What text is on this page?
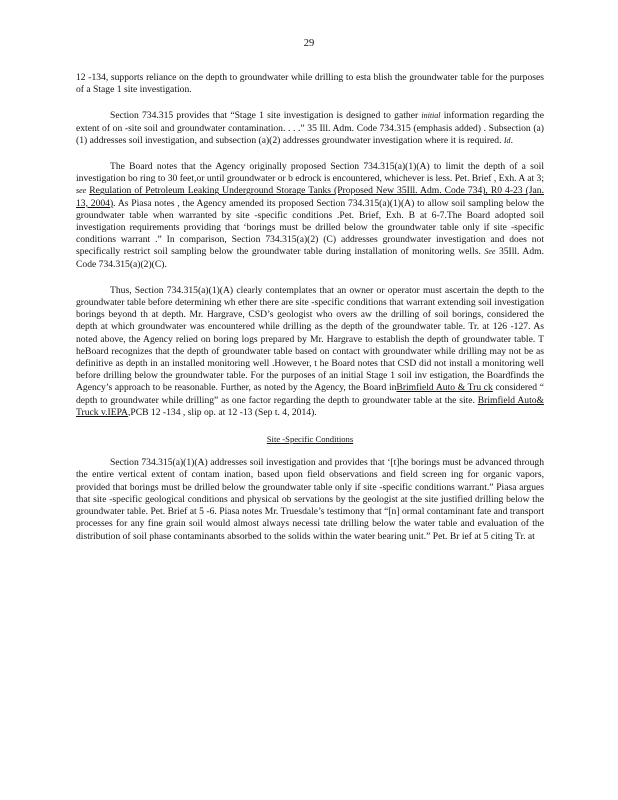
29

12 -134, supports reliance on the depth to groundwater while drilling to esta blish the groundwater table for the purposes of a Stage 1 site investigation.

Section 734.315 provides that “Stage 1 site investigation is designed to gather initial information regarding the extent of on -site soil and groundwater contamination. . . .” 35 Ill. Adm. Code 734.315 (emphasis added) . Subsection (a)(1) addresses soil investigation, and subsection (a)(2) addresses groundwater investigation where it is required. Id.

The Board notes that the Agency originally proposed Section 734.315(a)(1)(A) to limit the depth of a soil investigation bo ring to 30 feet,or until groundwater or b edrock is encountered, whichever is less. Pet. Brief , Exh. A at 3; see Regulation of Petroleum Leaking Underground Storage Tanks (Proposed New 35Ill. Adm. Code 734), R0 4-23 (Jan. 13, 2004). As Piasa notes , the Agency amended its proposed Section 734.315(a)(1)(A) to allow soil sampling below the groundwater table when warranted by site -specific conditions .Pet. Brief, Exh. B at 6-7.The Board adopted soil investigation requirements providing that ‘borings must be drilled below the groundwater table only if site -specific conditions warrant .” In comparison, Section 734.315(a)(2) (C) addresses groundwater investigation and does not specifically restrict soil sampling below the groundwater table during installation of monitoring wells. See 35Ill. Adm. Code 734.315(a)(2)(C).

Thus, Section 734.315(a)(1)(A) clearly contemplates that an owner or operator must ascertain the depth to the groundwater table before determining wh ether there are site -specific conditions that warrant extending soil investigation borings beyond th at depth. Mr. Hargrave, CSD’s geologist who overs aw the drilling of soil borings, considered the depth at which groundwater was encountered while drilling as the depth of the groundwater table. Tr. at 126 -127. As noted above, the Agency relied on boring logs prepared by Mr. Hargrave to establish the depth of groundwater table. T heBoard recognizes that the depth of groundwater table based on contact with groundwater while drilling may not be as definitive as depth in an installed monitoring well .However, t he Board notes that CSD did not install a monitoring well before drilling below the groundwater table. For the purposes of an initial Stage 1 soil inv estigation, the Boardfinds the Agency’s approach to be reasonable. Further, as noted by the Agency, the Board inBrimfield Auto & Tru ck considered “ depth to groundwater while drilling” as one factor regarding the depth to groundwater table at the site. Brimfield Auto& Truck v.IEPA,PCB 12 -134 , slip op. at 12 -13 (Sep t. 4, 2014).

Site -Specific Conditions

Section 734.315(a)(1)(A) addresses soil investigation and provides that ‘[t]he borings must be advanced through the entire vertical extent of contam ination, based upon field observations and field screen ing for organic vapors, provided that borings must be drilled below the groundwater table only if site -specific conditions warrant.” Piasa argues that site -specific geological conditions and physical ob servations by the geologist at the site justified drilling below the groundwater table. Pet. Brief at 5 -6. Piasa notes Mr. Truesdale’s testimony that “[n] ormal contaminant fate and transport processes for any fine grain soil would almost always necessi tate drilling below the water table and evaluation of the distribution of soil phase contaminants absorbed to the solids within the water bearing unit.” Pet. Br ief at 5 citing Tr. at
